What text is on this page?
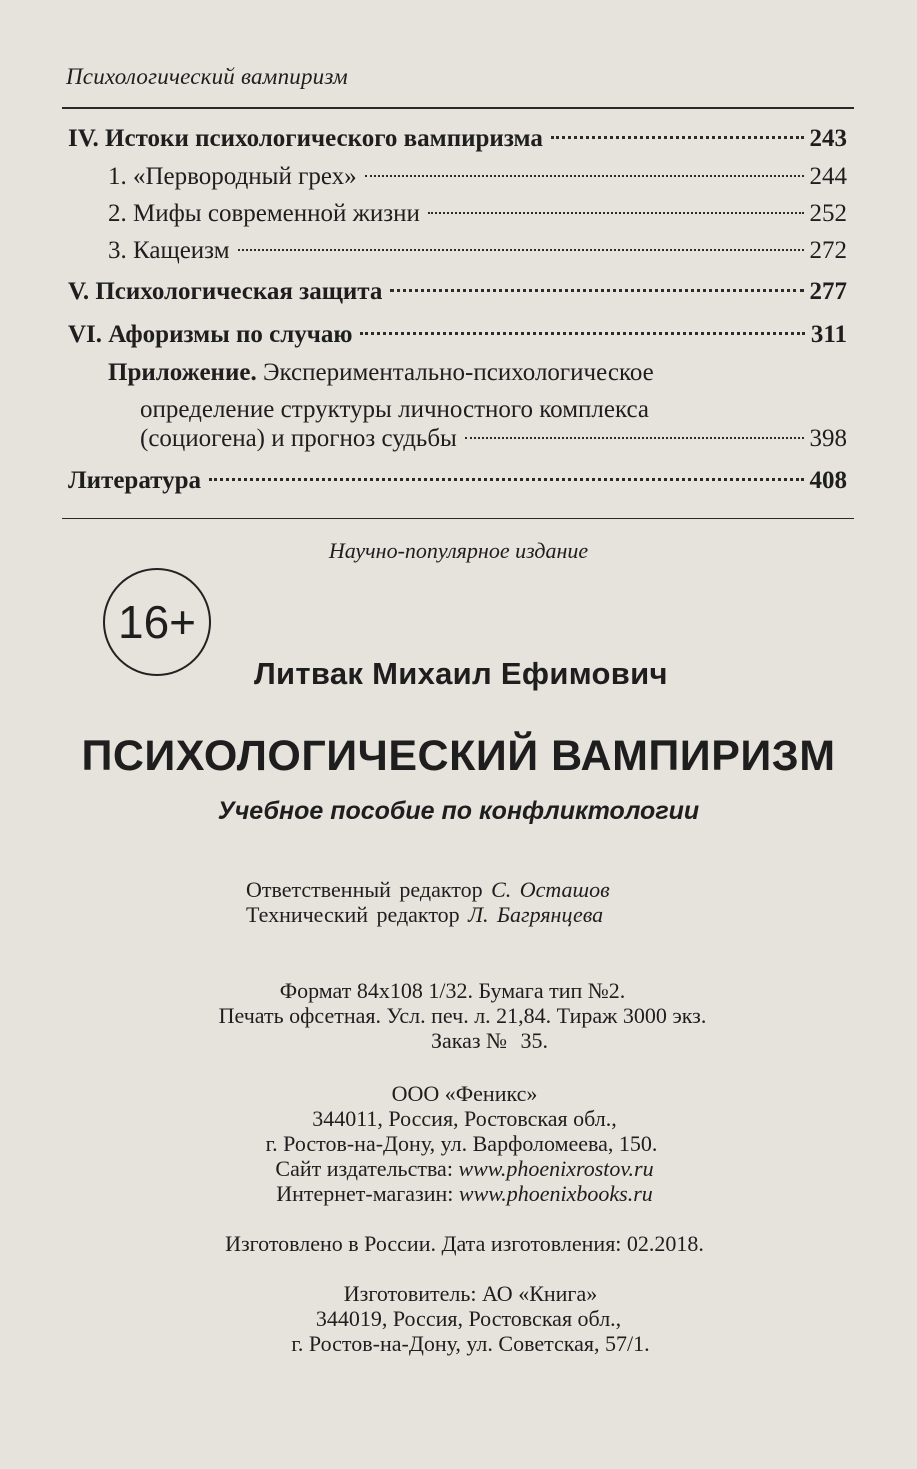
Психологический вампиризм
IV. Истоки психологического вампиризма	243
1. «Первородный грех»	244
2. Мифы современной жизни	252
3. Кащеизм	272
V. Психологическая защита	277
VI. Афоризмы по случаю	311
Приложение. Экспериментально-психологическое
определение структуры личностного комплекса
(социогена) и прогноз судьбы	398
Литература	408
Научно-популярное издание
16+
Литвак Михаил Ефимович
ПСИХОЛОГИЧЕСКИЙ ВАМПИРИЗМ
Учебное пособие по конфликтологии
Ответственный редактор С. Осташов
Технический редактор Л. Багрянцева
Формат 84x108 1/32. Бумага тип №2.
Печать офсетная. Усл. печ. л. 21,84. Тираж 3000 экз.
Заказ № 35.
ООО «Феникс»
344011, Россия, Ростовская обл.,
г. Ростов-на-Дону, ул. Варфоломеева, 150.
Сайт издательства: www.phoenixrostov.ru
Интернет-магазин: www.phoenixbooks.ru
Изготовлено в России. Дата изготовления: 02.2018.
Изготовитель: АО «Книга»
344019, Россия, Ростовская обл.,
г. Ростов-на-Дону, ул. Советская, 57/1.
